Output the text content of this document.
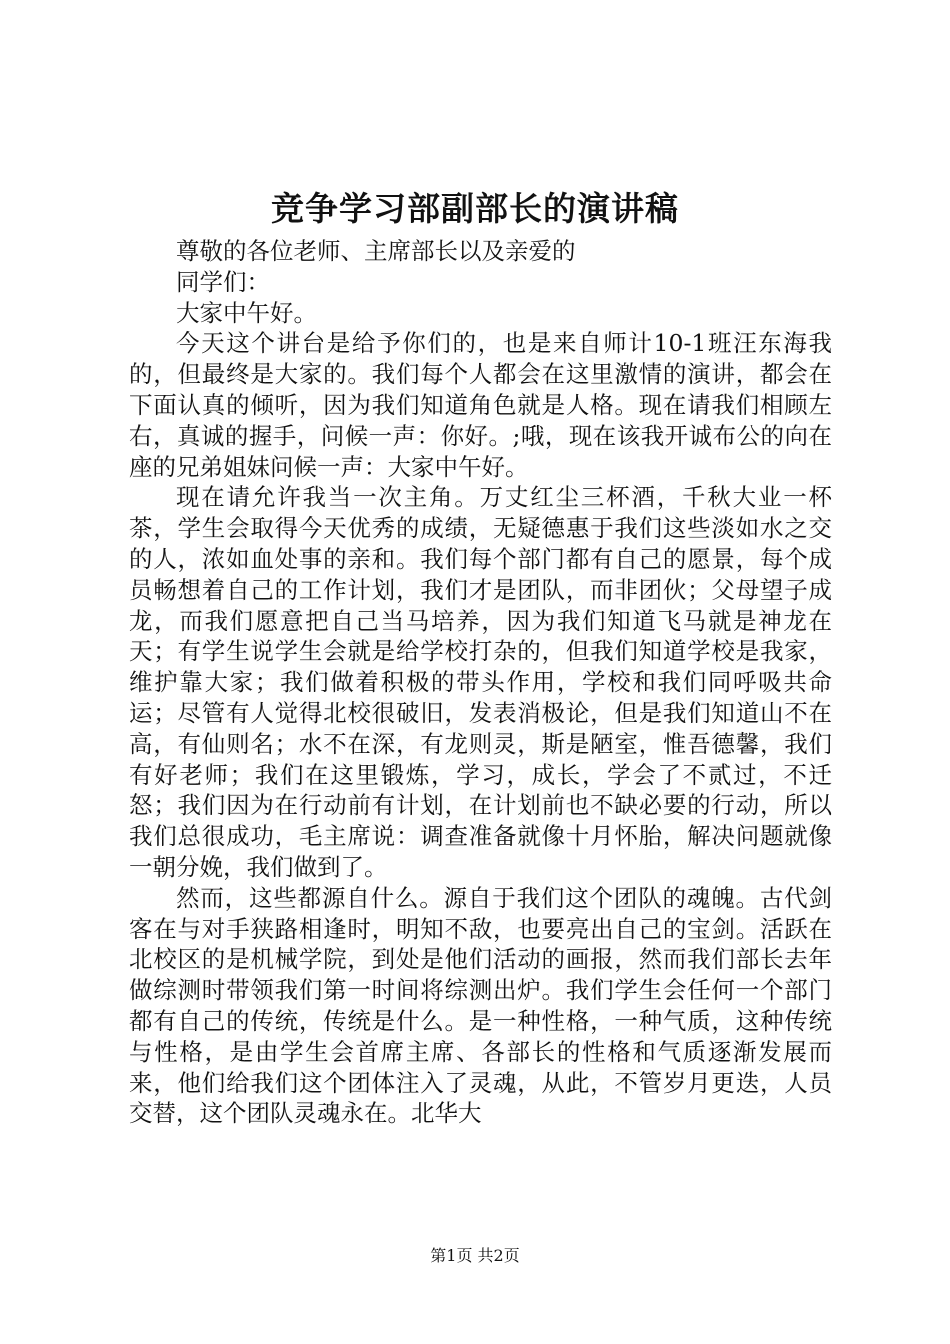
竞争学习部副部长的演讲稿

尊敬的各位老师、主席部长以及亲爱的

同学们：

大家中午好。

今天这个讲台是给予你们的，也是来自师计10-1班汪东海我的，但最终是大家的。我们每个人都会在这里激情的演讲，都会在下面认真的倾听，因为我们知道角色就是人格。现在请我们相顾左右，真诚的握手，问候一声：你好。;哦，现在该我开诚布公的向在座的兄弟姐妹问候一声：大家中午好。

现在请允许我当一次主角。万丈红尘三杯酒，千秋大业一杯茶，学生会取得今天优秀的成绩，无疑德惠于我们这些淡如水之交的人，浓如血处事的亲和。我们每个部门都有自己的愿景，每个成员畅想着自己的工作计划，我们才是团队，而非团伙；父母望子成龙，而我们愿意把自己当马培养，因为我们知道飞马就是神龙在天；有学生说学生会就是给学校打杂的，但我们知道学校是我家，维护靠大家；我们做着积极的带头作用，学校和我们同呼吸共命运；尽管有人觉得北校很破旧，发表消极论，但是我们知道山不在高，有仙则名；水不在深，有龙则灵，斯是陋室，惟吾德馨，我们有好老师；我们在这里锻炼，学习，成长，学会了不贰过，不迁怒；我们因为在行动前有计划，在计划前也不缺必要的行动，所以我们总很成功，毛主席说：调查准备就像十月怀胎，解决问题就像一朝分娩，我们做到了。

然而，这些都源自什么。源自于我们这个团队的魂魄。古代剑客在与对手狭路相逢时，明知不敌，也要亮出自己的宝剑。活跃在北校区的是机械学院，到处是他们活动的画报，然而我们部长去年做综测时带领我们第一时间将综测出炉。我们学生会任何一个部门都有自己的传统，传统是什么。是一种性格，一种气质，这种传统与性格，是由学生会首席主席、各部长的性格和气质逐渐发展而来，他们给我们这个团体注入了灵魂，从此，不管岁月更迭，人员交替，这个团队灵魂永在。北华大

第1页 共2页
